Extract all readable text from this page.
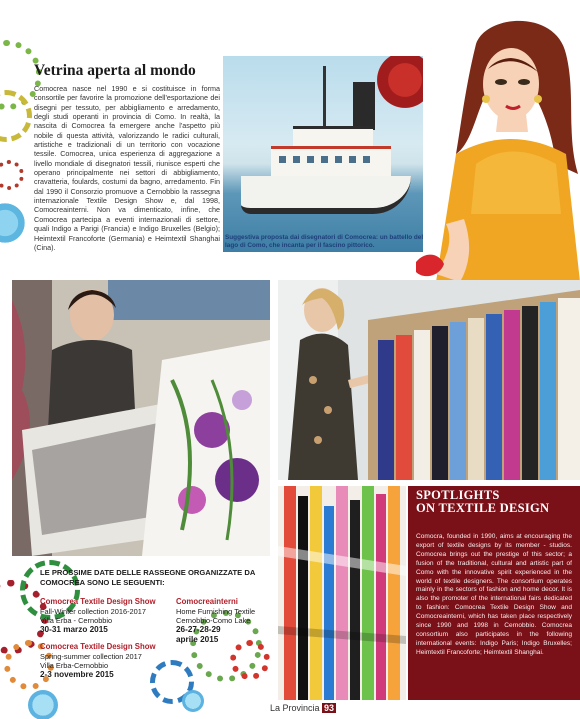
Vetrina aperta al mondo

Comocrea nasce nel 1990 e si costituisce in forma consortile per favorire la promozione dell'esportazione dei disegni per tessuto, per abbigliamento e arredamento, degli studi operanti in provincia di Como. In realtà, la nascita di Comocrea fa emergere anche l'aspetto più nobile di questa attività, valorizzando le radici culturali, artistiche e tradizionali di un territorio con vocazione tessile. Comocrea, unica esperienza di aggregazione a livello mondiale di disegnatori tessili, riunisce esperti che operano principalmente nei settori di abbigliamento, cravatteria, foulards, costumi da bagno, arredamento. Fin dal 1990 il Consorzio promuove a Cernobbio la rassegna internazionale Textile Design Show e, dal 1998, Comocreainterni. Non va dimenticato, infine, che Comocrea partecipa a eventi internazionali di settore, quali Indigo a Parigi (Francia) e Indigo Bruxelles (Belgio); Heimtextil Francoforte (Germania) e Heimtextil Shanghai (Cina).

Suggestiva proposta dai disegnatori di Comocrea: un battello del lago di Como, che incanta per il fascino pittorico.

SPOTLIGHTS
ON TEXTILE DESIGN

Comocra, founded in 1990, aims at encouraging the export of textile designs by its member - studios. Comocrea brings out the prestige of this sector; a fusion of the traditional, cultural and artistic part of Como with the innovative spirit experienced in the world of textile designers. The consortium operates mainly in the sectors of fashion and home decor. It is also the promoter of the international fairs dedicated to fashion: Comocrea Textile Design Show and Comocreainterni, which has taken place respectively since 1990 and 1998 in Cernobbio. Comocrea consortium also participates in the following international events: Indigo Paris; Indigo Bruxelles; Heimtextil Francoforte; Heimtextil Shanghai.

LE PROSSIME DATE DELLE RASSEGNE ORGANIZZATE DA COMOCREA SONO LE SEGUENTI:

Comocrea Textile Design Show
Fall-Winter collection 2016-2017
Villa Erba - Cernobbio
30-31 marzo 2015
Comocreainterni
Home Furnishing Textile
Cernobbio-Como Lake
26-27-28-29
aprile 2015
Comocrea Textile Design Show
Spring-summer collection 2017
Villa Erba-Cernobbio
2-3 novembre 2015
La Provincia 93
